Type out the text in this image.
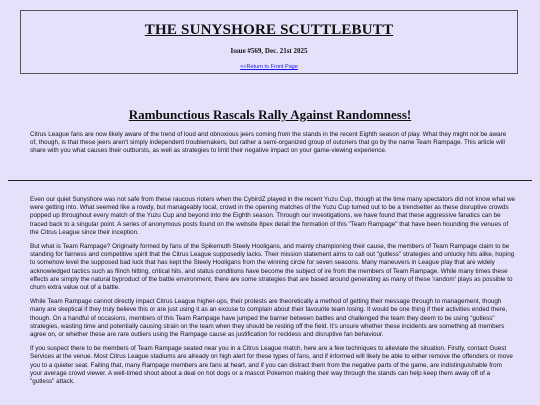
THE SUNYSHORE SCUTTLEBUTT
Issue #569, Dec. 21st 2025
<<Return to Front Page
Rambunctious Rascals Rally Against Randomness!
Citrus League fans are now likely aware of the trend of loud and obnoxious jeers coming from the stands in the recent Eighth season of play. What they might not be aware of, though, is that these jeers aren't simply independent troublemakers, but rather a semi-organized group of outcriers that go by the name Team Rampage. This article will share with you what causes their outbursts, as well as strategies to limit their negative impact on your game-viewing experience.

Even our quiet Sunyshore was not safe from these raucous rioters when the CybirdZ played in the recent Yuzu Cup, though at the time many spectators did not know what we were getting into. What seemed like a rowdy, but manageably local, crowd in the opening matches of the Yuzu Cup turned out to be a trendsetter as these disruptive crowds popped up throughout every match of the Yuzu Cup and beyond into the Eighth season. Through our investigations, we have found that these aggressive fanatics can be traced back to a singular point. A series of anonymous posts found on the website 8pex detail the formation of this "Team Rampage" that have been hounding the venues of the Citrus League since their inception.

But what is Team Rampage? Originally formed by fans of the Spikemuth Steely Hooligans, and mainly championing their cause, the members of Team Rampage claim to be standing for fairness and competitive spirit that the Citrus League supposedly lacks. Their mission statement aims to call out "gutless" strategies and unlucky hits alike, hoping to somehow level the supposed bad luck that has kept the Steely Hooligans from the winning circle for seven seasons. Many maneuvers in League play that are widely acknowledged tactics such as flinch hitting, critical hits, and status conditions have become the subject of ire from the members of Team Rampage. While many times these effects are simply the natural byproduct of the battle environment, there are some strategies that are based around generating as many of these 'random' plays as possible to churn extra value out of a battle.

While Team Rampage cannot directly impact Citrus League higher-ups, their protests are theoretically a method of getting their message through to management, though many are skeptical if they truly believe this or are just using it as an excuse to complain about their favourite team losing. It would be one thing if their activities ended there, though. On a handful of occasions, members of this Team Rampage have jumped the barrier between battles and challenged the team they deem to be using "gutless" strategies, wasting time and potentially causing strain on the team when they should be resting off the field. It's unsure whether these incidents are something all members agree on, or whether these are rare outliers using the Rampage cause as justification for reckless and disruptive fan behaviour.

If you suspect there to be members of Team Rampage seated near you in a Citrus League match, here are a few techniques to alleviate the situation. Firstly, contact Guest Services at the venue. Most Citrus League stadiums are already on high alert for these types of fans, and if informed will likely be able to either remove the offenders or move you to a quieter seat. Failing that, many Rampage members are fans at heart, and if you can distract them from the negative parts of the game, are indistinguishable from your average crowd viewer. A well-timed shout about a deal on hot dogs or a mascot Pokemon making their way through the stands can help keep them away off of a "gutless" attack.
